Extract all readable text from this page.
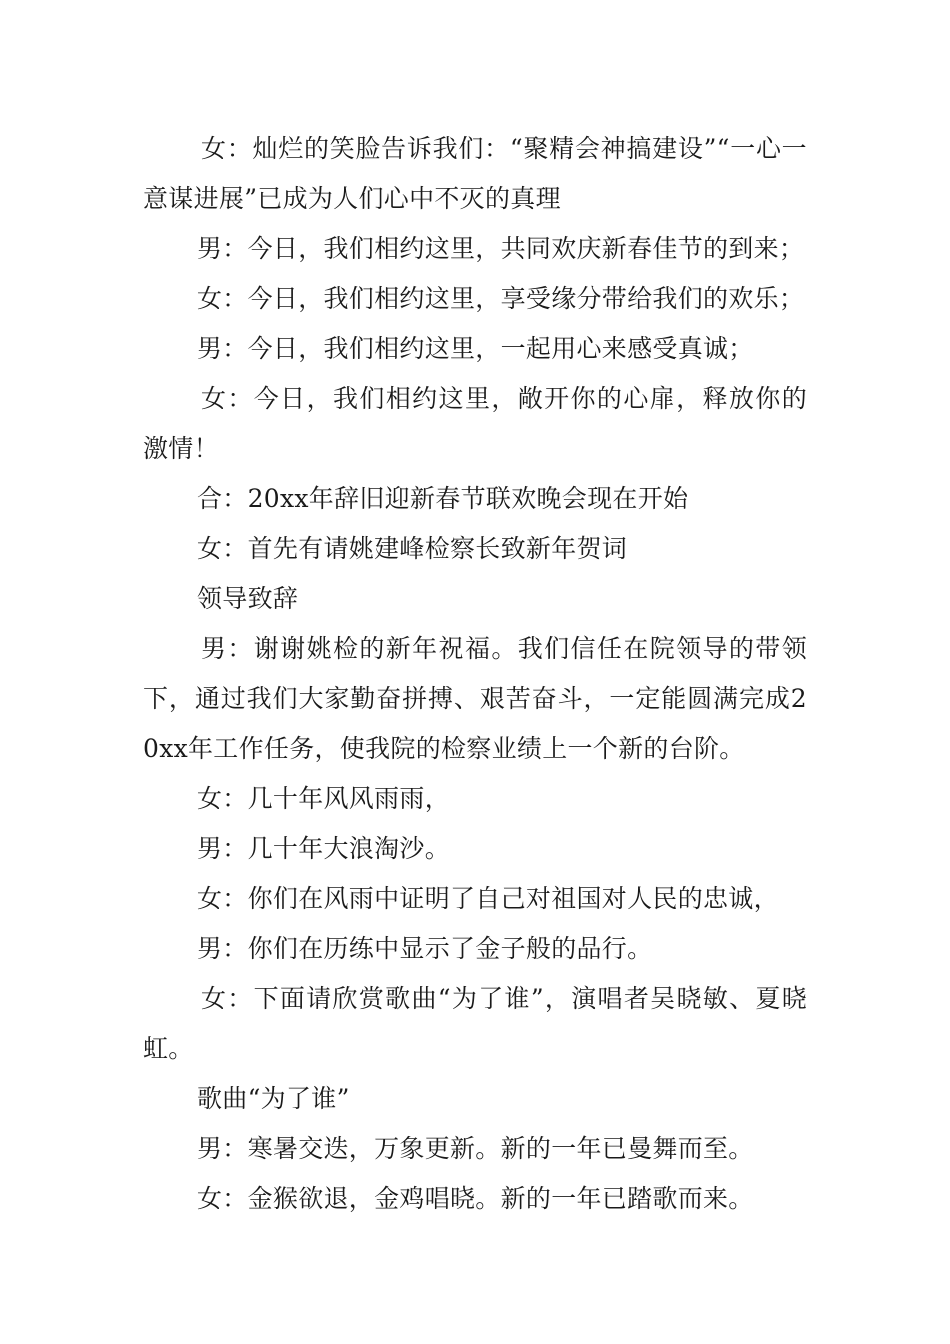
女：灿烂的笑脸告诉我们：“聚精会神搞建设”“一心一意谋进展”已成为人们心中不灭的真理

男：今日，我们相约这里，共同欢庆新春佳节的到来；

女：今日，我们相约这里，享受缘分带给我们的欢乐；

男：今日，我们相约这里，一起用心来感受真诚；

女：今日，我们相约这里，敞开你的心扉，释放你的激情！

合：20xx年辞旧迎新春节联欢晚会现在开始

女：首先有请姚建峰检察长致新年贺词

领导致辞

男：谢谢姚检的新年祝福。我们信任在院领导的带领下，通过我们大家勤奋拼搏、艰苦奋斗，一定能圆满完成20xx年工作任务，使我院的检察业绩上一个新的台阶。

女：几十年风风雨雨，

男：几十年大浪淘沙。

女：你们在风雨中证明了自己对祖国对人民的忠诚，

男：你们在历练中显示了金子般的品行。

女：下面请欣赏歌曲“为了谁”，演唱者吴晓敏、夏晓虹。

歌曲“为了谁”

男：寒暑交迭，万象更新。新的一年已曼舞而至。

女：金猴欲退，金鸡唱晓。新的一年已踏歌而来。
